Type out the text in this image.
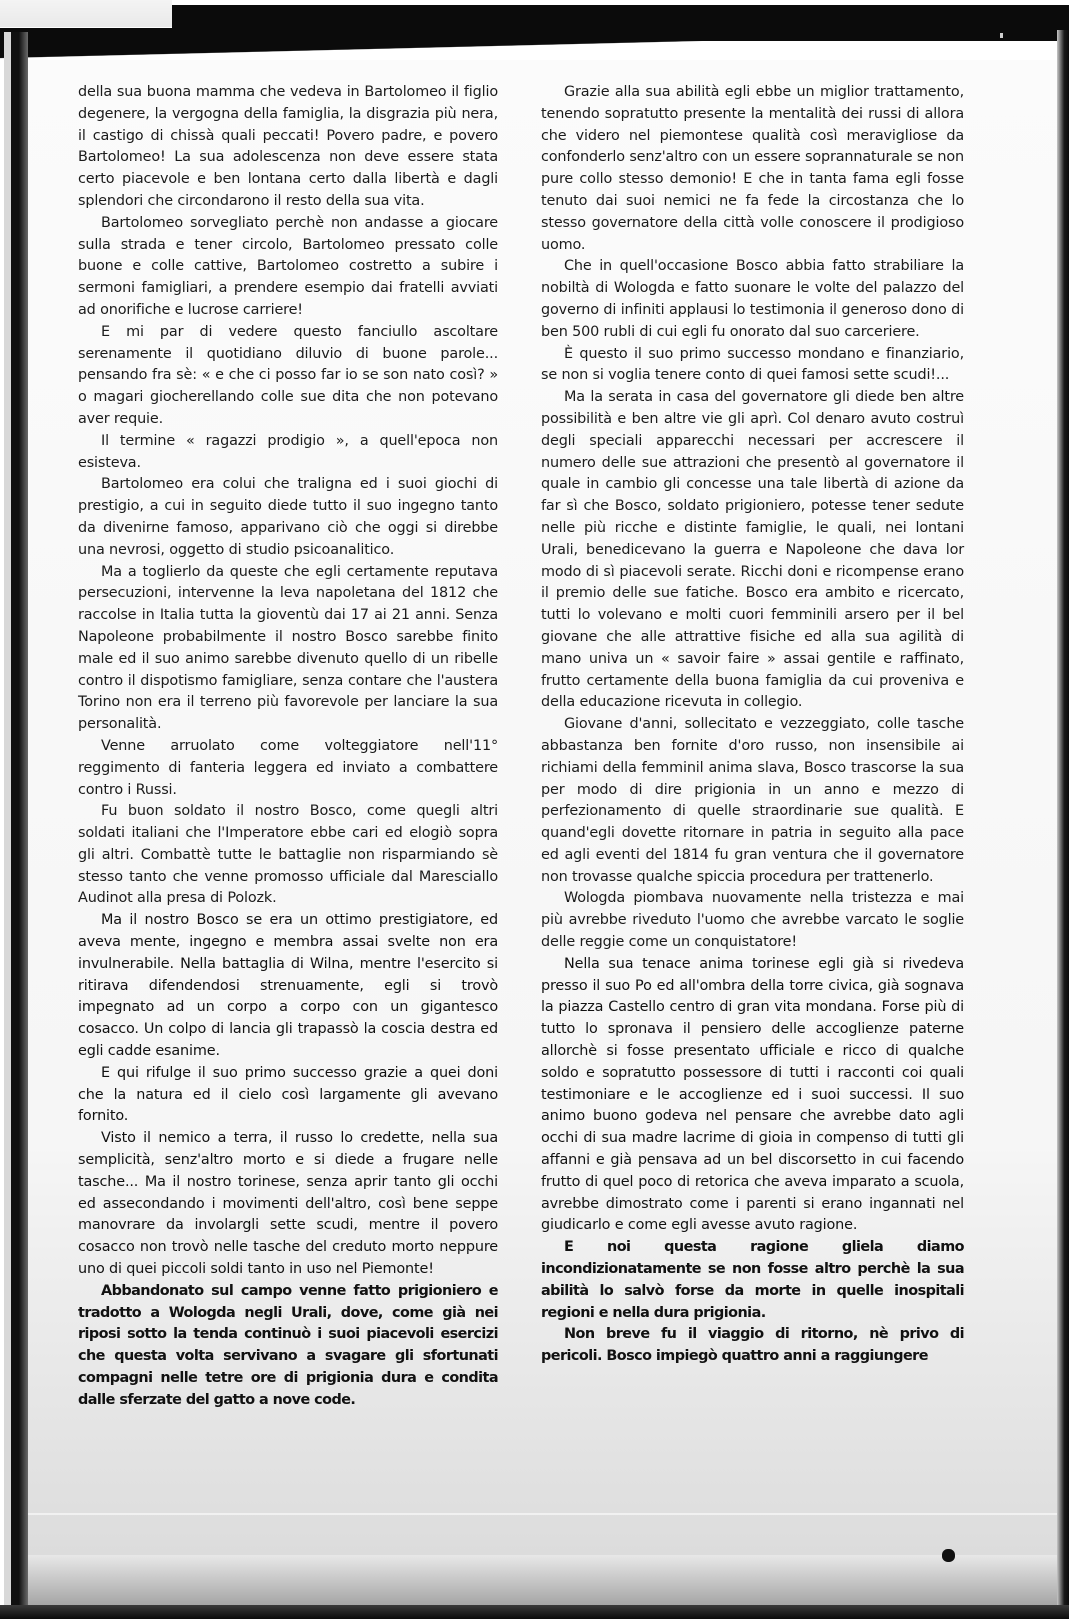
della sua buona mamma che vedeva in Bartolomeo il figlio degenere, la vergogna della famiglia, la disgrazia più nera, il castigo di chissà quali peccati! Povero padre, e povero Bartolomeo! La sua adolescenza non deve essere stata certo piacevole e ben lontana certo dalla libertà e dagli splendori che circondarono il resto della sua vita.

Bartolomeo sorvegliato perchè non andasse a giocare sulla strada e tener circolo, Bartolomeo pressato colle buone e colle cattive, Bartolomeo costretto a subire i sermoni famigliari, a prendere esempio dai fratelli avviati ad onorifiche e lucrose carriere!

E mi par di vedere questo fanciullo ascoltare serenamente il quotidiano diluvio di buone parole... pensando fra sè: « e che ci posso far io se son nato così? » o magari giocherellando colle sue dita che non potevano aver requie.

Il termine « ragazzi prodigio », a quell'epoca non esisteva.

Bartolomeo era colui che traligna ed i suoi giochi di prestigio, a cui in seguito diede tutto il suo ingegno tanto da divenirne famoso, apparivano ciò che oggi si direbbe una nevrosi, oggetto di studio psicoanalitico.

Ma a toglierlo da queste che egli certamente reputava persecuzioni, intervenne la leva napoletana del 1812 che raccolse in Italia tutta la gioventù dai 17 ai 21 anni. Senza Napoleone probabilmente il nostro Bosco sarebbe finito male ed il suo animo sarebbe divenuto quello di un ribelle contro il dispotismo famigliare, senza contare che l'austera Torino non era il terreno più favorevole per lanciare la sua personalità.

Venne arruolato come volteggiatore nell'11° reggimento di fanteria leggera ed inviato a combattere contro i Russi.

Fu buon soldato il nostro Bosco, come quegli altri soldati italiani che l'Imperatore ebbe cari ed elogiò sopra gli altri. Combattè tutte le battaglie non risparmiando sè stesso tanto che venne promosso ufficiale dal Maresciallo Audinot alla presa di Polozk.

Ma il nostro Bosco se era un ottimo prestigiatore, ed aveva mente, ingegno e membra assai svelte non era invulnerabile. Nella battaglia di Wilna, mentre l'esercito si ritirava difendendosi strenuamente, egli si trovò impegnato ad un corpo a corpo con un gigantesco cosacco. Un colpo di lancia gli trapassò la coscia destra ed egli cadde esanime.

E qui rifulge il suo primo successo grazie a quei doni che la natura ed il cielo così largamente gli avevano fornito.

Visto il nemico a terra, il russo lo credette, nella sua semplicità, senz'altro morto e si diede a frugare nelle tasche... Ma il nostro torinese, senza aprir tanto gli occhi ed assecondando i movimenti dell'altro, così bene seppe manovrare da involargli sette scudi, mentre il povero cosacco non trovò nelle tasche del creduto morto neppure uno di quei piccoli soldi tanto in uso nel Piemonte!

Abbandonato sul campo venne fatto prigioniero e tradotto a Wologda negli Urali, dove, come già nei riposi sotto la tenda continuò i suoi piacevoli esercizi che questa volta servivano a svagare gli sfortunati compagni nelle tetre ore di prigionia dura e condita dalle sferzate del gatto a nove code.

Grazie alla sua abilità egli ebbe un miglior trattamento, tenendo sopratutto presente la mentalità dei russi di allora che videro nel piemontese qualità così meravigliose da confonderlo senz'altro con un essere soprannaturale se non pure collo stesso demonio! E che in tanta fama egli fosse tenuto dai suoi nemici ne fa fede la circostanza che lo stesso governatore della città volle conoscere il prodigioso uomo.

Che in quell'occasione Bosco abbia fatto strabiliare la nobiltà di Wologda e fatto suonare le volte del palazzo del governo di infiniti applausi lo testimonia il generoso dono di ben 500 rubli di cui egli fu onorato dal suo carceriere.

È questo il suo primo successo mondano e finanziario, se non si voglia tenere conto di quei famosi sette scudi!...

Ma la serata in casa del governatore gli diede ben altre possibilità e ben altre vie gli aprì. Col denaro avuto costruì degli speciali apparecchi necessari per accrescere il numero delle sue attrazioni che presentò al governatore il quale in cambio gli concesse una tale libertà di azione da far sì che Bosco, soldato prigioniero, potesse tener sedute nelle più ricche e distinte famiglie, le quali, nei lontani Urali, benedicevano la guerra e Napoleone che dava lor modo di sì piacevoli serate. Ricchi doni e ricompense erano il premio delle sue fatiche. Bosco era ambito e ricercato, tutti lo volevano e molti cuori femminili arsero per il bel giovane che alle attrattive fisiche ed alla sua agilità di mano univa un « savoir faire » assai gentile e raffinato, frutto certamente della buona famiglia da cui proveniva e della educazione ricevuta in collegio.

Giovane d'anni, sollecitato e vezzeggiato, colle tasche abbastanza ben fornite d'oro russo, non insensibile ai richiami della femminil anima slava, Bosco trascorse la sua per modo di dire prigionia in un anno e mezzo di perfezionamento di quelle straordinarie sue qualità. E quand'egli dovette ritornare in patria in seguito alla pace ed agli eventi del 1814 fu gran ventura che il governatore non trovasse qualche spiccia procedura per trattenerlo.

Wologda piombava nuovamente nella tristezza e mai più avrebbe riveduto l'uomo che avrebbe varcato le soglie delle reggie come un conquistatore!

Nella sua tenace anima torinese egli già si rivedeva presso il suo Po ed all'ombra della torre civica, già sognava la piazza Castello centro di gran vita mondana. Forse più di tutto lo spronava il pensiero delle accoglienze paterne allorchè si fosse presentato ufficiale e ricco di qualche soldo e sopratutto possessore di tutti i racconti coi quali testimoniare e le accoglienze ed i suoi successi. Il suo animo buono godeva nel pensare che avrebbe dato agli occhi di sua madre lacrime di gioia in compenso di tutti gli affanni e già pensava ad un bel discorsetto in cui facendo frutto di quel poco di retorica che aveva imparato a scuola, avrebbe dimostrato come i parenti si erano ingannati nel giudicarlo e come egli avesse avuto ragione.

E noi questa ragione gliela diamo incondizionatamente se non fosse altro perchè la sua abilità lo salvò forse da morte in quelle inospitali regioni e nella dura prigionia.

Non breve fu il viaggio di ritorno, nè privo di pericoli. Bosco impiegò quattro anni a raggiungere
